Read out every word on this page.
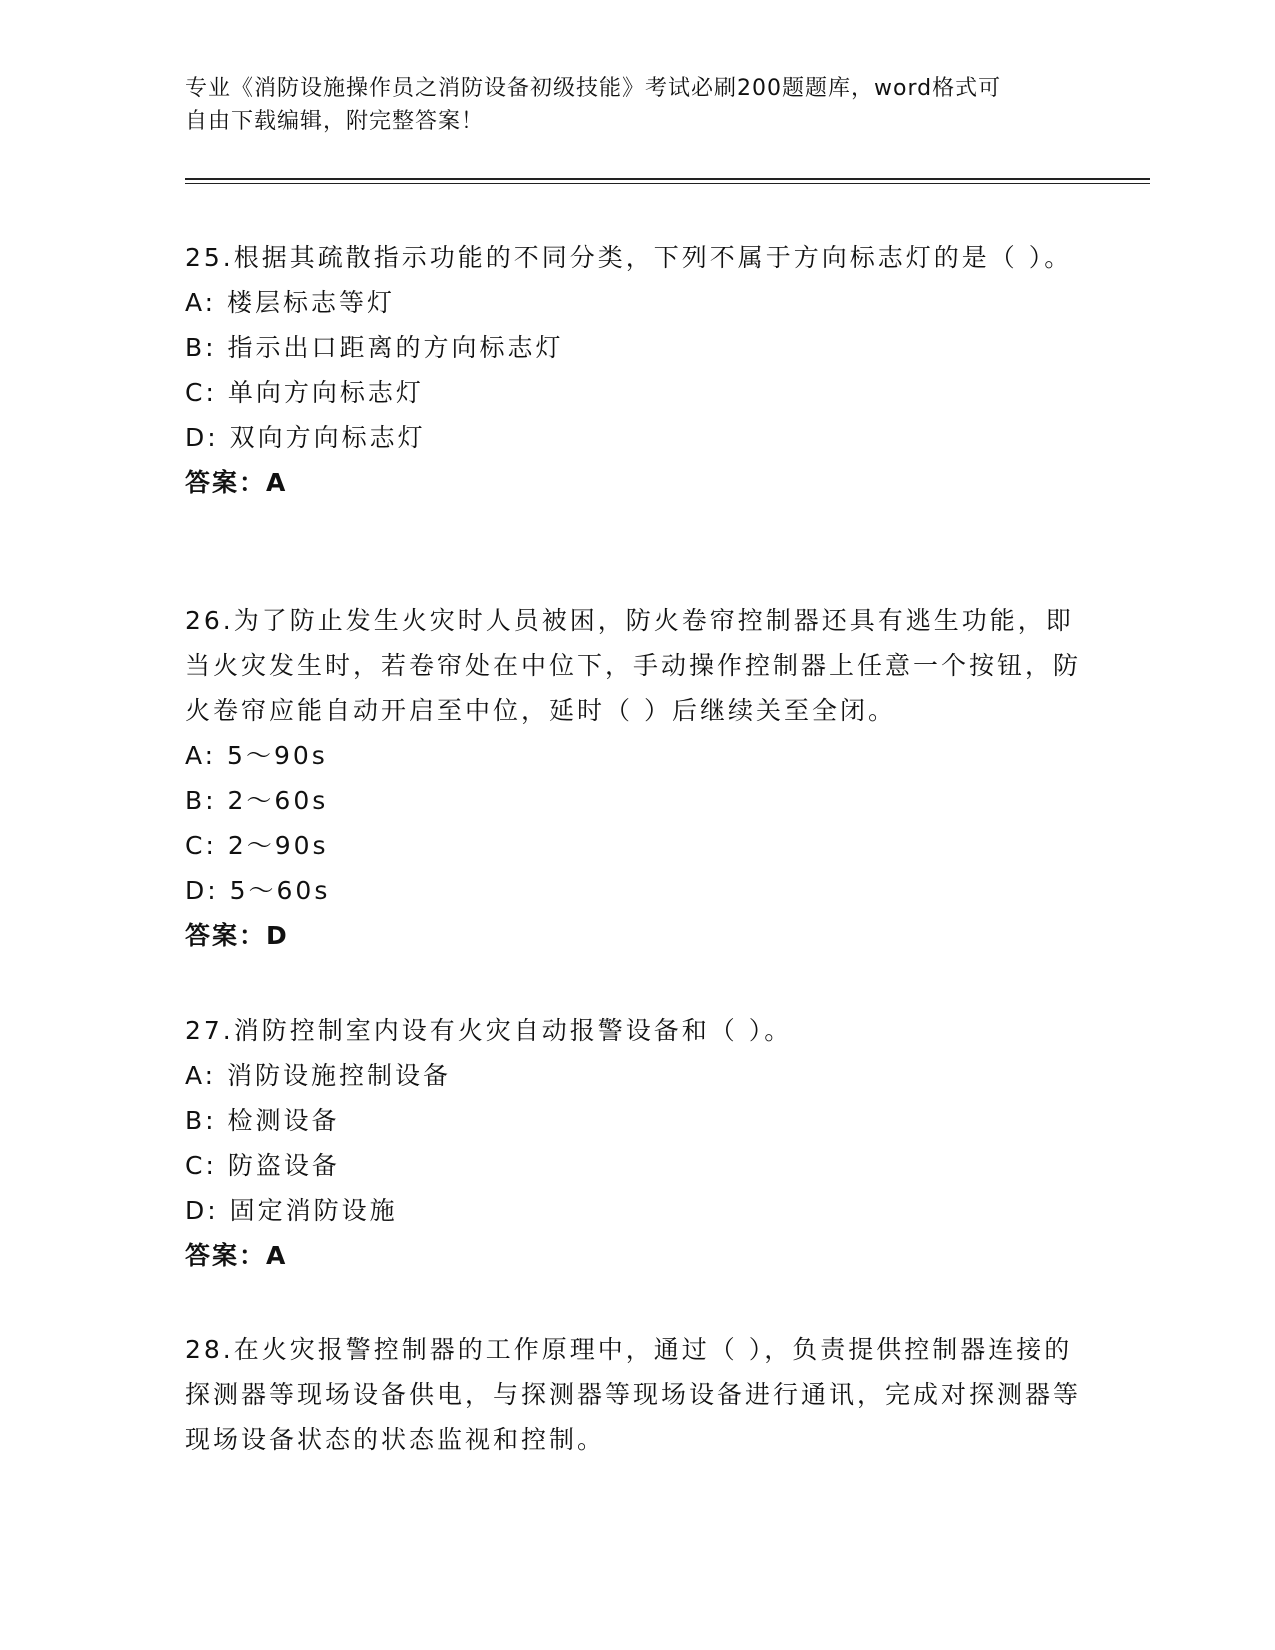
专业《消防设施操作员之消防设备初级技能》考试必刷200题题库，word格式可
自由下载编辑，附完整答案！

25.根据其疏散指示功能的不同分类，下列不属于方向标志灯的是（ ）。

A: 楼层标志等灯

B: 指示出口距离的方向标志灯

C: 单向方向标志灯

D: 双向方向标志灯

答案：A

26.为了防止发生火灾时人员被困，防火卷帘控制器还具有逃生功能，即当火灾发生时，若卷帘处在中位下，手动操作控制器上任意一个按钮，防火卷帘应能自动开启至中位，延时（ ）后继续关至全闭。

A: 5～90s

B: 2～60s

C: 2～90s

D: 5～60s

答案：D

27.消防控制室内设有火灾自动报警设备和（ ）。

A: 消防设施控制设备

B: 检测设备

C: 防盗设备

D: 固定消防设施

答案：A

28.在火灾报警控制器的工作原理中，通过（ ），负责提供控制器连接的探测器等现场设备供电，与探测器等现场设备进行通讯，完成对探测器等现场设备状态的状态监视和控制。
